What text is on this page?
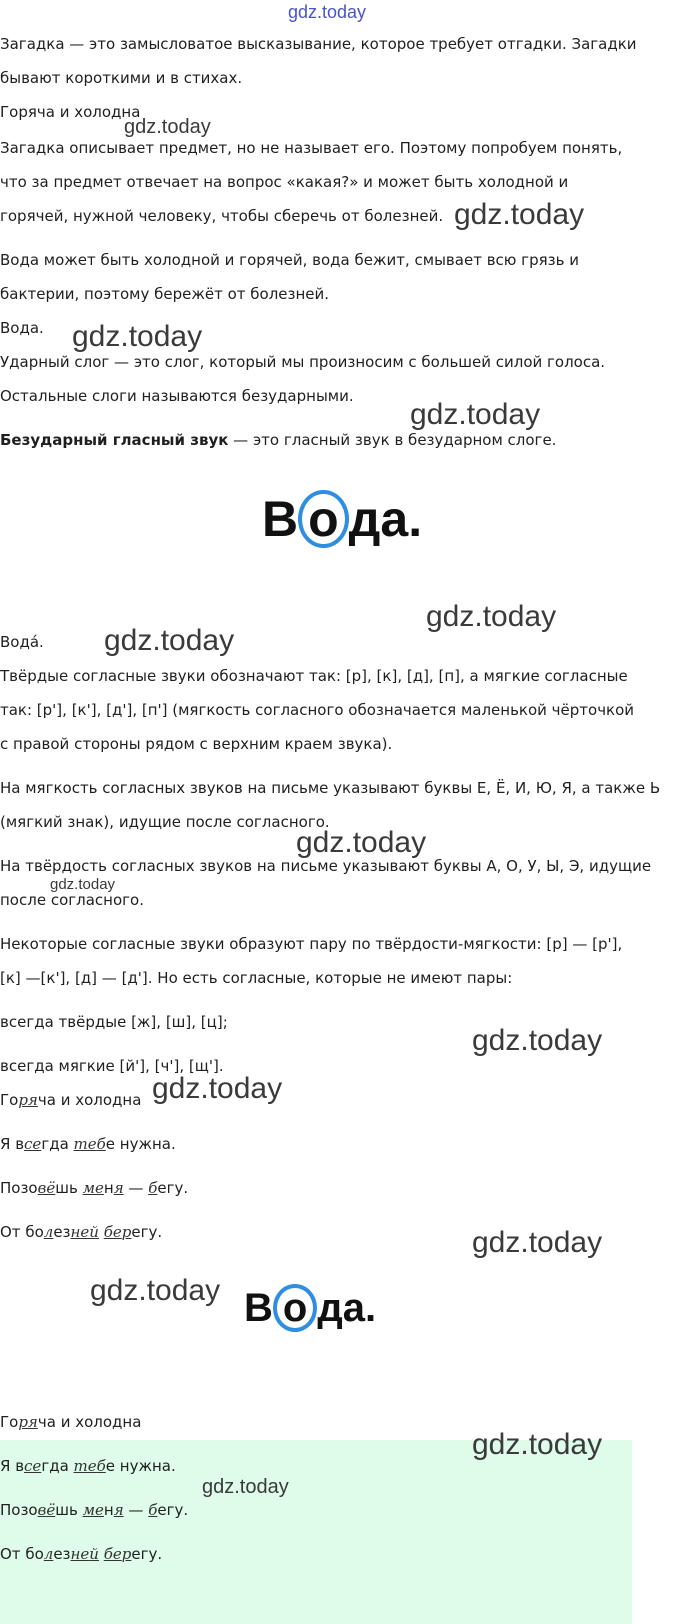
gdz.today

Загадка — это замысловатое высказывание, которое требует отгадки. Загадки

бывают короткими и в стихах.

Горяча и холодна

gdz.today

Загадка описывает предмет, но не называет его. Поэтому попробуем понять,

что за предмет отвечает на вопрос «какая?» и может быть холодной и

горячей, нужной человеку, чтобы сберечь от болезней. gdz.today

Вода может быть холодной и горячей, вода бежит, смывает всю грязь и

бактерии, поэтому бережёт от болезней.

Вода. gdz.today

Ударный слог — это слог, который мы произносим с большей силой голоса.

Остальные слоги называются безударными.

gdz.today

Безударный гласный звук — это гласный звук в безударном слоге.

В о да.
gdz.today

Вода́. gdz.today

Твёрдые согласные звуки обозначают так: [р], [к], [д], [п], а мягкие согласные

так: [р'], [к'], [д'], [п'] (мягкость согласного обозначается маленькой чёрточкой

с правой стороны рядом с верхним краем звука).

На мягкость согласных звуков на письме указывают буквы Е, Ё, И, Ю, Я, а также Ь

(мягкий знак), идущие после согласного.

gdz.today

На твёрдость согласных звуков на письме указывают буквы А, О, У, Ы, Э, идущие

gdz.today

после согласного.

Некоторые согласные звуки образуют пару по твёрдости-мягкости: [р] — [р'],

[к] —[к'], [д] — [д']. Но есть согласные, которые не имеют пары:

всегда твёрдые [ж], [ш], [ц];

gdz.today

всегда мягкие [й'], [ч'], [щ'].

Горяча и холодна gdz.today

Я всегда тебе нужна.

Позовёшь меня — бегу.

От болезней берегу.	gdz.today
В о да.
gdz.today

Горяча и холодна

gdz.today

Я всегда тебе нужна.

gdz.today

Позовёшь меня — бегу.

От болезней берегу.
